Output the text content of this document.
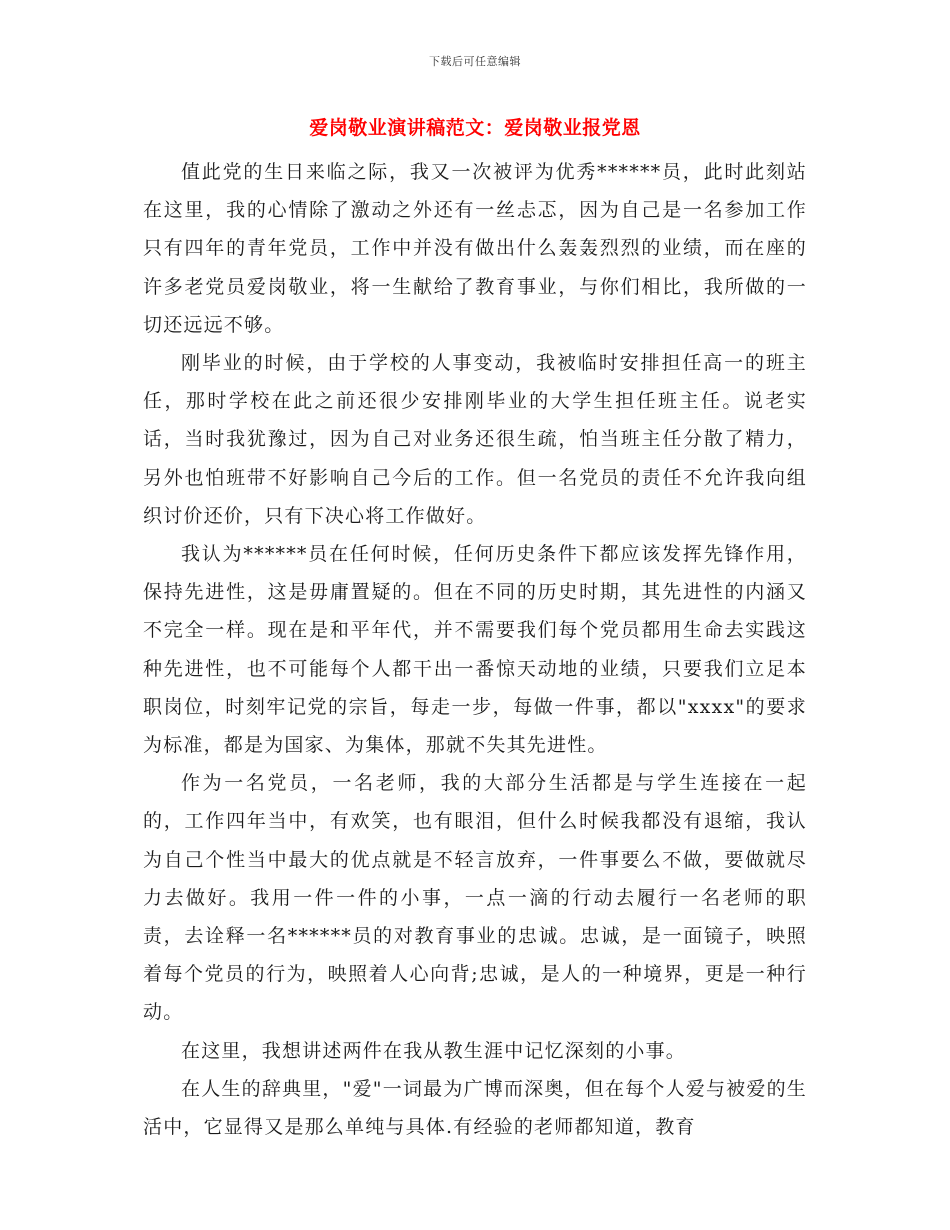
下载后可任意编辑
爱岗敬业演讲稿范文：爱岗敬业报党恩

值此党的生日来临之际，我又一次被评为优秀******员，此时此刻站在这里，我的心情除了激动之外还有一丝忐忑，因为自己是一名参加工作只有四年的青年党员，工作中并没有做出什么轰轰烈烈的业绩，而在座的许多老党员爱岗敬业，将一生献给了教育事业，与你们相比，我所做的一切还远远不够。

刚毕业的时候，由于学校的人事变动，我被临时安排担任高一的班主任，那时学校在此之前还很少安排刚毕业的大学生担任班主任。说老实话，当时我犹豫过，因为自己对业务还很生疏，怕当班主任分散了精力，另外也怕班带不好影响自己今后的工作。但一名党员的责任不允许我向组织讨价还价，只有下决心将工作做好。

我认为******员在任何时候，任何历史条件下都应该发挥先锋作用，保持先进性，这是毋庸置疑的。但在不同的历史时期，其先进性的内涵又不完全一样。现在是和平年代，并不需要我们每个党员都用生命去实践这种先进性，也不可能每个人都干出一番惊天动地的业绩，只要我们立足本职岗位，时刻牢记党的宗旨，每走一步，每做一件事，都以"xxxx"的要求为标准，都是为国家、为集体，那就不失其先进性。

作为一名党员，一名老师，我的大部分生活都是与学生连接在一起的，工作四年当中，有欢笑，也有眼泪，但什么时候我都没有退缩，我认为自己个性当中最大的优点就是不轻言放弃，一件事要么不做，要做就尽力去做好。我用一件一件的小事，一点一滴的行动去履行一名老师的职责，去诠释一名******员的对教育事业的忠诚。忠诚，是一面镜子，映照着每个党员的行为，映照着人心向背;忠诚，是人的一种境界，更是一种行动。

在这里，我想讲述两件在我从教生涯中记忆深刻的小事。

在人生的辞典里，"爱"一词最为广博而深奥，但在每个人爱与被爱的生活中，它显得又是那么单纯与具体.有经验的老师都知道，教育
